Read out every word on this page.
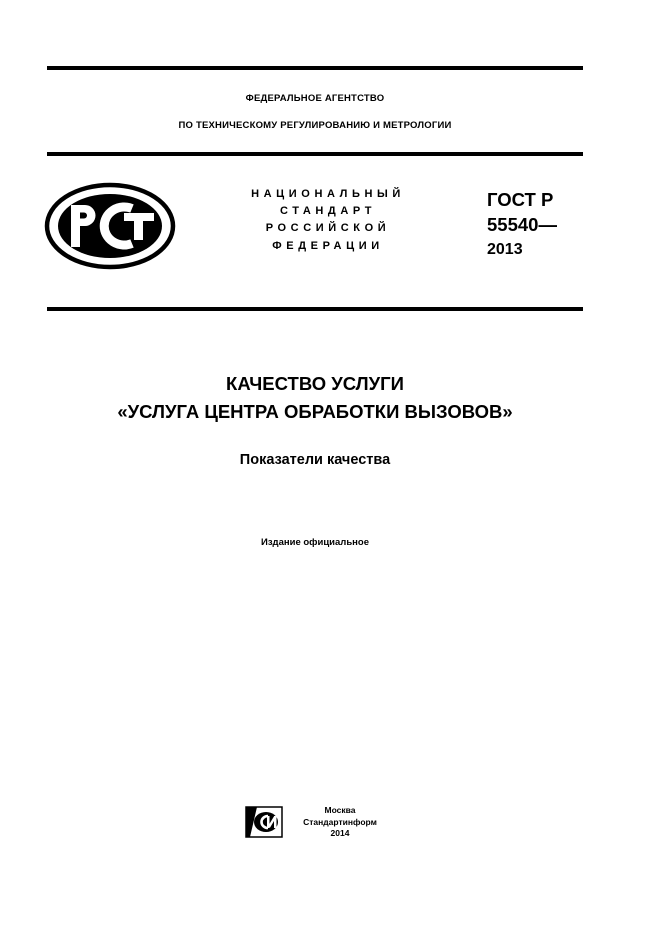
ФЕДЕРАЛЬНОЕ АГЕНТСТВО
ПО ТЕХНИЧЕСКОМУ РЕГУЛИРОВАНИЮ И МЕТРОЛОГИИ
НАЦИОНАЛЬНЫЙ
СТАНДАРТ
РОССИЙСКОЙ
ФЕДЕРАЦИИ
ГОСТ Р
55540—
2013
КАЧЕСТВО УСЛУГИ
«УСЛУГА ЦЕНТРА ОБРАБОТКИ ВЫЗОВОВ»
Показатели качества
Издание официальное
Москва
Стандартинформ
2014
